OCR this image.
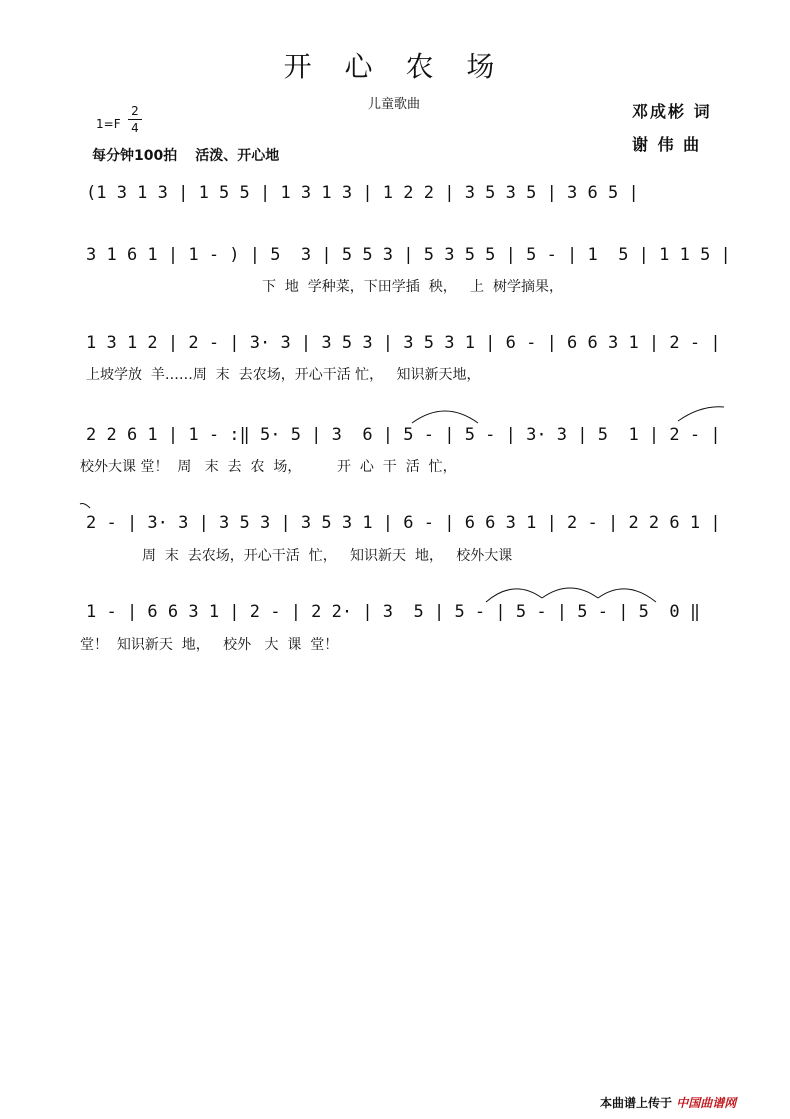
开 心 农 场
儿童歌曲	邓成彬 词
谢 伟 曲
1=F
2
4
每分钟100拍 活泼、开心地
(1 3 1 3 | 1 5 5 | 1 3 1 3 | 1 2 2 | 3 5 3 5 | 3 6 5 |
3 1 6 1 | 1 - ) | 5  3 | 5 5 3 | 5 3 5 5 | 5 - | 1  5 | 1 1 5 |
下  地  学种菜，下田学插  秧，   上  树学摘果，
1 3 1 2 | 2 - | 3· 3 | 3 5 3 | 3 5 3 1 | 6 - | 6 6 3 1 | 2 - |
上坡学放  羊……周  末  去农场，开心干活 忙，   知识新天地，
2 2 6 1 | 1 - :‖ 5· 5 | 3  6 | 5 - | 5 - | 3· 3 | 5  1 | 2 - |
校外大课 堂！  周   末  去  农  场，        开  心  干  活  忙，
2 - | 3· 3 | 3 5 3 | 3 5 3 1 | 6 - | 6 6 3 1 | 2 - | 2 2 6 1 |
周  末  去农场，开心干活  忙，   知识新天  地，   校外大课
1 - | 6 6 3 1 | 2 - | 2 2· | 3  5 | 5 - | 5 - | 5 - | 5  0 ‖
堂！  知识新天  地，   校外   大  课  堂！
本曲谱上传于 中国曲谱网
